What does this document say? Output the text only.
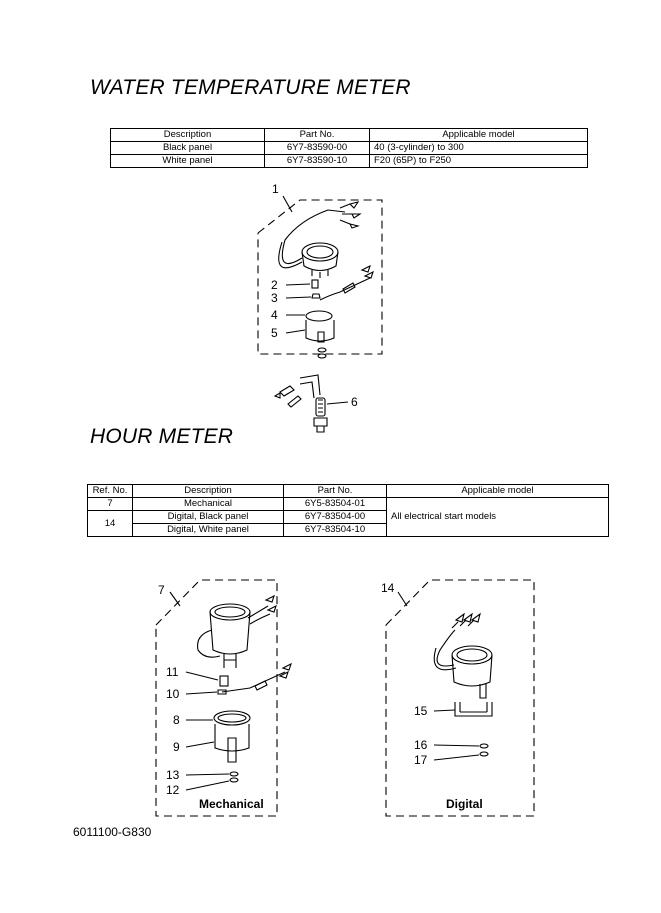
WATER TEMPERATURE METER
Description	Part No.	Applicable model
Black panel	6Y7-83590-00	40 (3-cylinder) to 300
White panel	6Y7-83590-10	F20 (65P) to F250
HOUR METER
Ref. No.	Description	Part No.	Applicable model
7	Mechanical	6Y5-83504-01	All electrical start models
14	Digital, Black panel	6Y7-83504-00	
	Digital, White panel	6Y7-83504-10	
1
2
3
4
5
6
7
11
10
8
9
13
12
Mechanical
14
15
16
17
Digital
6011100-G830
